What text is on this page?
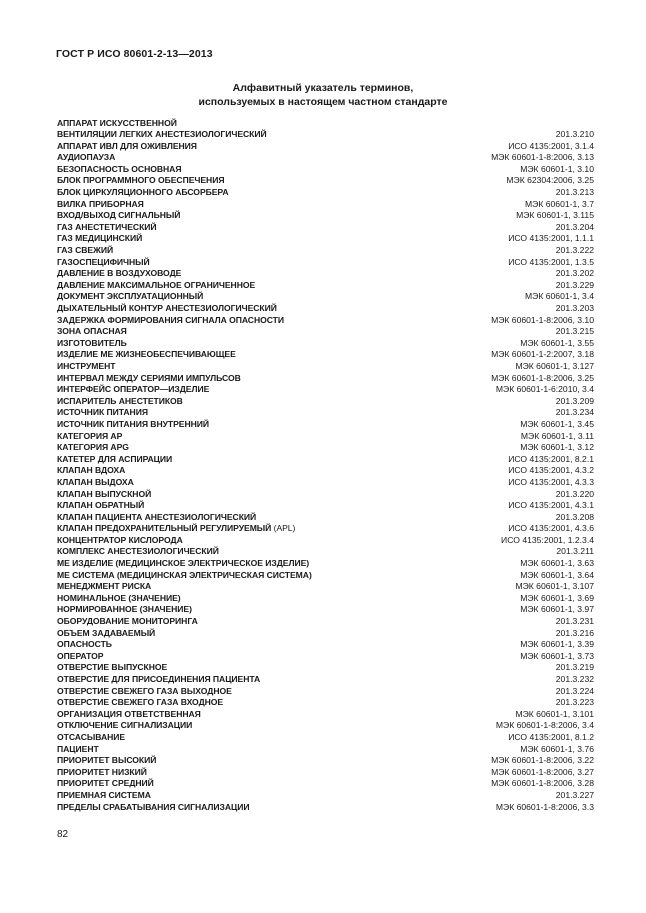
ГОСТ Р ИСО 80601-2-13—2013
Алфавитный указатель терминов,
используемых в настоящем частном стандарте
АППАРАТ ИСКУССТВЕННОЙ
ВЕНТИЛЯЦИИ ЛЕГКИХ АНЕСТЕЗИОЛОГИЧЕСКИЙ	201.3.210
АППАРАТ ИВЛ ДЛЯ ОЖИВЛЕНИЯ	ИСО 4135:2001, 3.1.4
АУДИОПАУЗА	МЭК 60601-1-8:2006, 3.13
БЕЗОПАСНОСТЬ ОСНОВНАЯ	МЭК 60601-1, 3.10
БЛОК ПРОГРАММНОГО ОБЕСПЕЧЕНИЯ	МЭК 62304:2006, 3.25
БЛОК ЦИРКУЛЯЦИОННОГО АБСОРБЕРА	201.3.213
ВИЛКА ПРИБОРНАЯ	МЭК 60601-1, 3.7
ВХОД/ВЫХОД СИГНАЛЬНЫЙ	МЭК 60601-1, 3.115
ГАЗ АНЕСТЕТИЧЕСКИЙ	201.3.204
ГАЗ МЕДИЦИНСКИЙ	ИСО 4135:2001, 1.1.1
ГАЗ СВЕЖИЙ	201.3.222
ГАЗОСПЕЦИФИЧНЫЙ	ИСО 4135:2001, 1.3.5
ДАВЛЕНИЕ В ВОЗДУХОВОДЕ	201.3.202
ДАВЛЕНИЕ МАКСИМАЛЬНОЕ ОГРАНИЧЕННОЕ	201.3.229
ДОКУМЕНТ ЭКСПЛУАТАЦИОННЫЙ	МЭК 60601-1, 3.4
ДЫХАТЕЛЬНЫЙ КОНТУР АНЕСТЕЗИОЛОГИЧЕСКИЙ	201.3.203
ЗАДЕРЖКА ФОРМИРОВАНИЯ СИГНАЛА ОПАСНОСТИ	МЭК 60601-1-8:2006, 3.10
ЗОНА ОПАСНАЯ	201.3.215
ИЗГОТОВИТЕЛЬ	МЭК 60601-1, 3.55
ИЗДЕЛИЕ МЕ ЖИЗНЕОБЕСПЕЧИВАЮЩЕЕ	МЭК 60601-1-2:2007, 3.18
ИНСТРУМЕНТ	МЭК 60601-1, 3.127
ИНТЕРВАЛ МЕЖДУ СЕРИЯМИ ИМПУЛЬСОВ	МЭК 60601-1-8:2006, 3.25
ИНТЕРФЕЙС ОПЕРАТОР—ИЗДЕЛИЕ	МЭК 60601-1-6:2010, 3.4
ИСПАРИТЕЛЬ АНЕСТЕТИКОВ	201.3.209
ИСТОЧНИК ПИТАНИЯ	201.3.234
ИСТОЧНИК ПИТАНИЯ ВНУТРЕННИЙ	МЭК 60601-1, 3.45
КАТЕГОРИЯ АР	МЭК 60601-1, 3.11
КАТЕГОРИЯ APG	МЭК 60601-1, 3.12
КАТЕТЕР ДЛЯ АСПИРАЦИИ	ИСО 4135:2001, 8.2.1
КЛАПАН ВДОХА	ИСО 4135:2001, 4.3.2
КЛАПАН ВЫДОХА	ИСО 4135:2001, 4.3.3
КЛАПАН ВЫПУСКНОЙ	201.3.220
КЛАПАН ОБРАТНЫЙ	ИСО 4135:2001, 4.3.1
КЛАПАН ПАЦИЕНТА АНЕСТЕЗИОЛОГИЧЕСКИЙ	201.3.208
КЛАПАН ПРЕДОХРАНИТЕЛЬНЫЙ РЕГУЛИРУЕМЫЙ (APL)	ИСО 4135:2001, 4.3.6
КОНЦЕНТРАТОР КИСЛОРОДА	ИСО 4135:2001, 1.2.3.4
КОМПЛЕКС АНЕСТЕЗИОЛОГИЧЕСКИЙ	201.3.211
МЕ ИЗДЕЛИЕ (МЕДИЦИНСКОЕ ЭЛЕКТРИЧЕСКОЕ ИЗДЕЛИЕ)	МЭК 60601-1, 3.63
МЕ СИСТЕМА (МЕДИЦИНСКАЯ ЭЛЕКТРИЧЕСКАЯ СИСТЕМА)	МЭК 60601-1, 3.64
МЕНЕДЖМЕНТ РИСКА	МЭК 60601-1, 3.107
НОМИНАЛЬНОЕ (ЗНАЧЕНИЕ)	МЭК 60601-1, 3.69
НОРМИРОВАННОЕ (ЗНАЧЕНИЕ)	МЭК 60601-1, 3.97
ОБОРУДОВАНИЕ МОНИТОРИНГА	201.3.231
ОБЪЕМ ЗАДАВАЕМЫЙ	201.3.216
ОПАСНОСТЬ	МЭК 60601-1, 3.39
ОПЕРАТОР	МЭК 60601-1, 3.73
ОТВЕРСТИЕ ВЫПУСКНОЕ	201.3.219
ОТВЕРСТИЕ ДЛЯ ПРИСОЕДИНЕНИЯ ПАЦИЕНТА	201.3.232
ОТВЕРСТИЕ СВЕЖЕГО ГАЗА ВЫХОДНОЕ	201.3.224
ОТВЕРСТИЕ СВЕЖЕГО ГАЗА ВХОДНОЕ	201.3.223
ОРГАНИЗАЦИЯ ОТВЕТСТВЕННАЯ	МЭК 60601-1, 3.101
ОТКЛЮЧЕНИЕ СИГНАЛИЗАЦИИ	МЭК 60601-1-8:2006, 3.4
ОТСАСЫВАНИЕ	ИСО 4135:2001, 8.1.2
ПАЦИЕНТ	МЭК 60601-1, 3.76
ПРИОРИТЕТ ВЫСОКИЙ	МЭК 60601-1-8:2006, 3.22
ПРИОРИТЕТ НИЗКИЙ	МЭК 60601-1-8:2006, 3.27
ПРИОРИТЕТ СРЕДНИЙ	МЭК 60601-1-8:2006, 3.28
ПРИЕМНАЯ СИСТЕМА	201.3.227
ПРЕДЕЛЫ СРАБАТЫВАНИЯ СИГНАЛИЗАЦИИ	МЭК 60601-1-8:2006, 3.3
82
